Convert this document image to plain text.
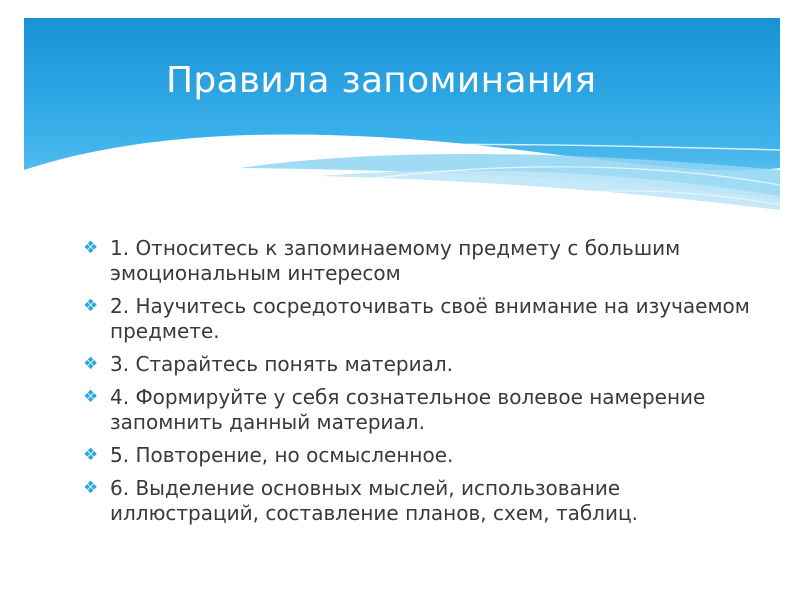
Правила запоминания
❖ 1. Относитесь к запоминаемому предмету с большим эмоциональным интересом
❖ 2. Научитесь сосредоточивать своё внимание на изучаемом предмете.
❖ 3. Старайтесь понять материал.
❖ 4. Формируйте у себя сознательное волевое намерение запомнить данный материал.
❖ 5. Повторение, но осмысленное.
❖ 6. Выделение основных мыслей, использование иллюстраций, составление планов, схем, таблиц.
